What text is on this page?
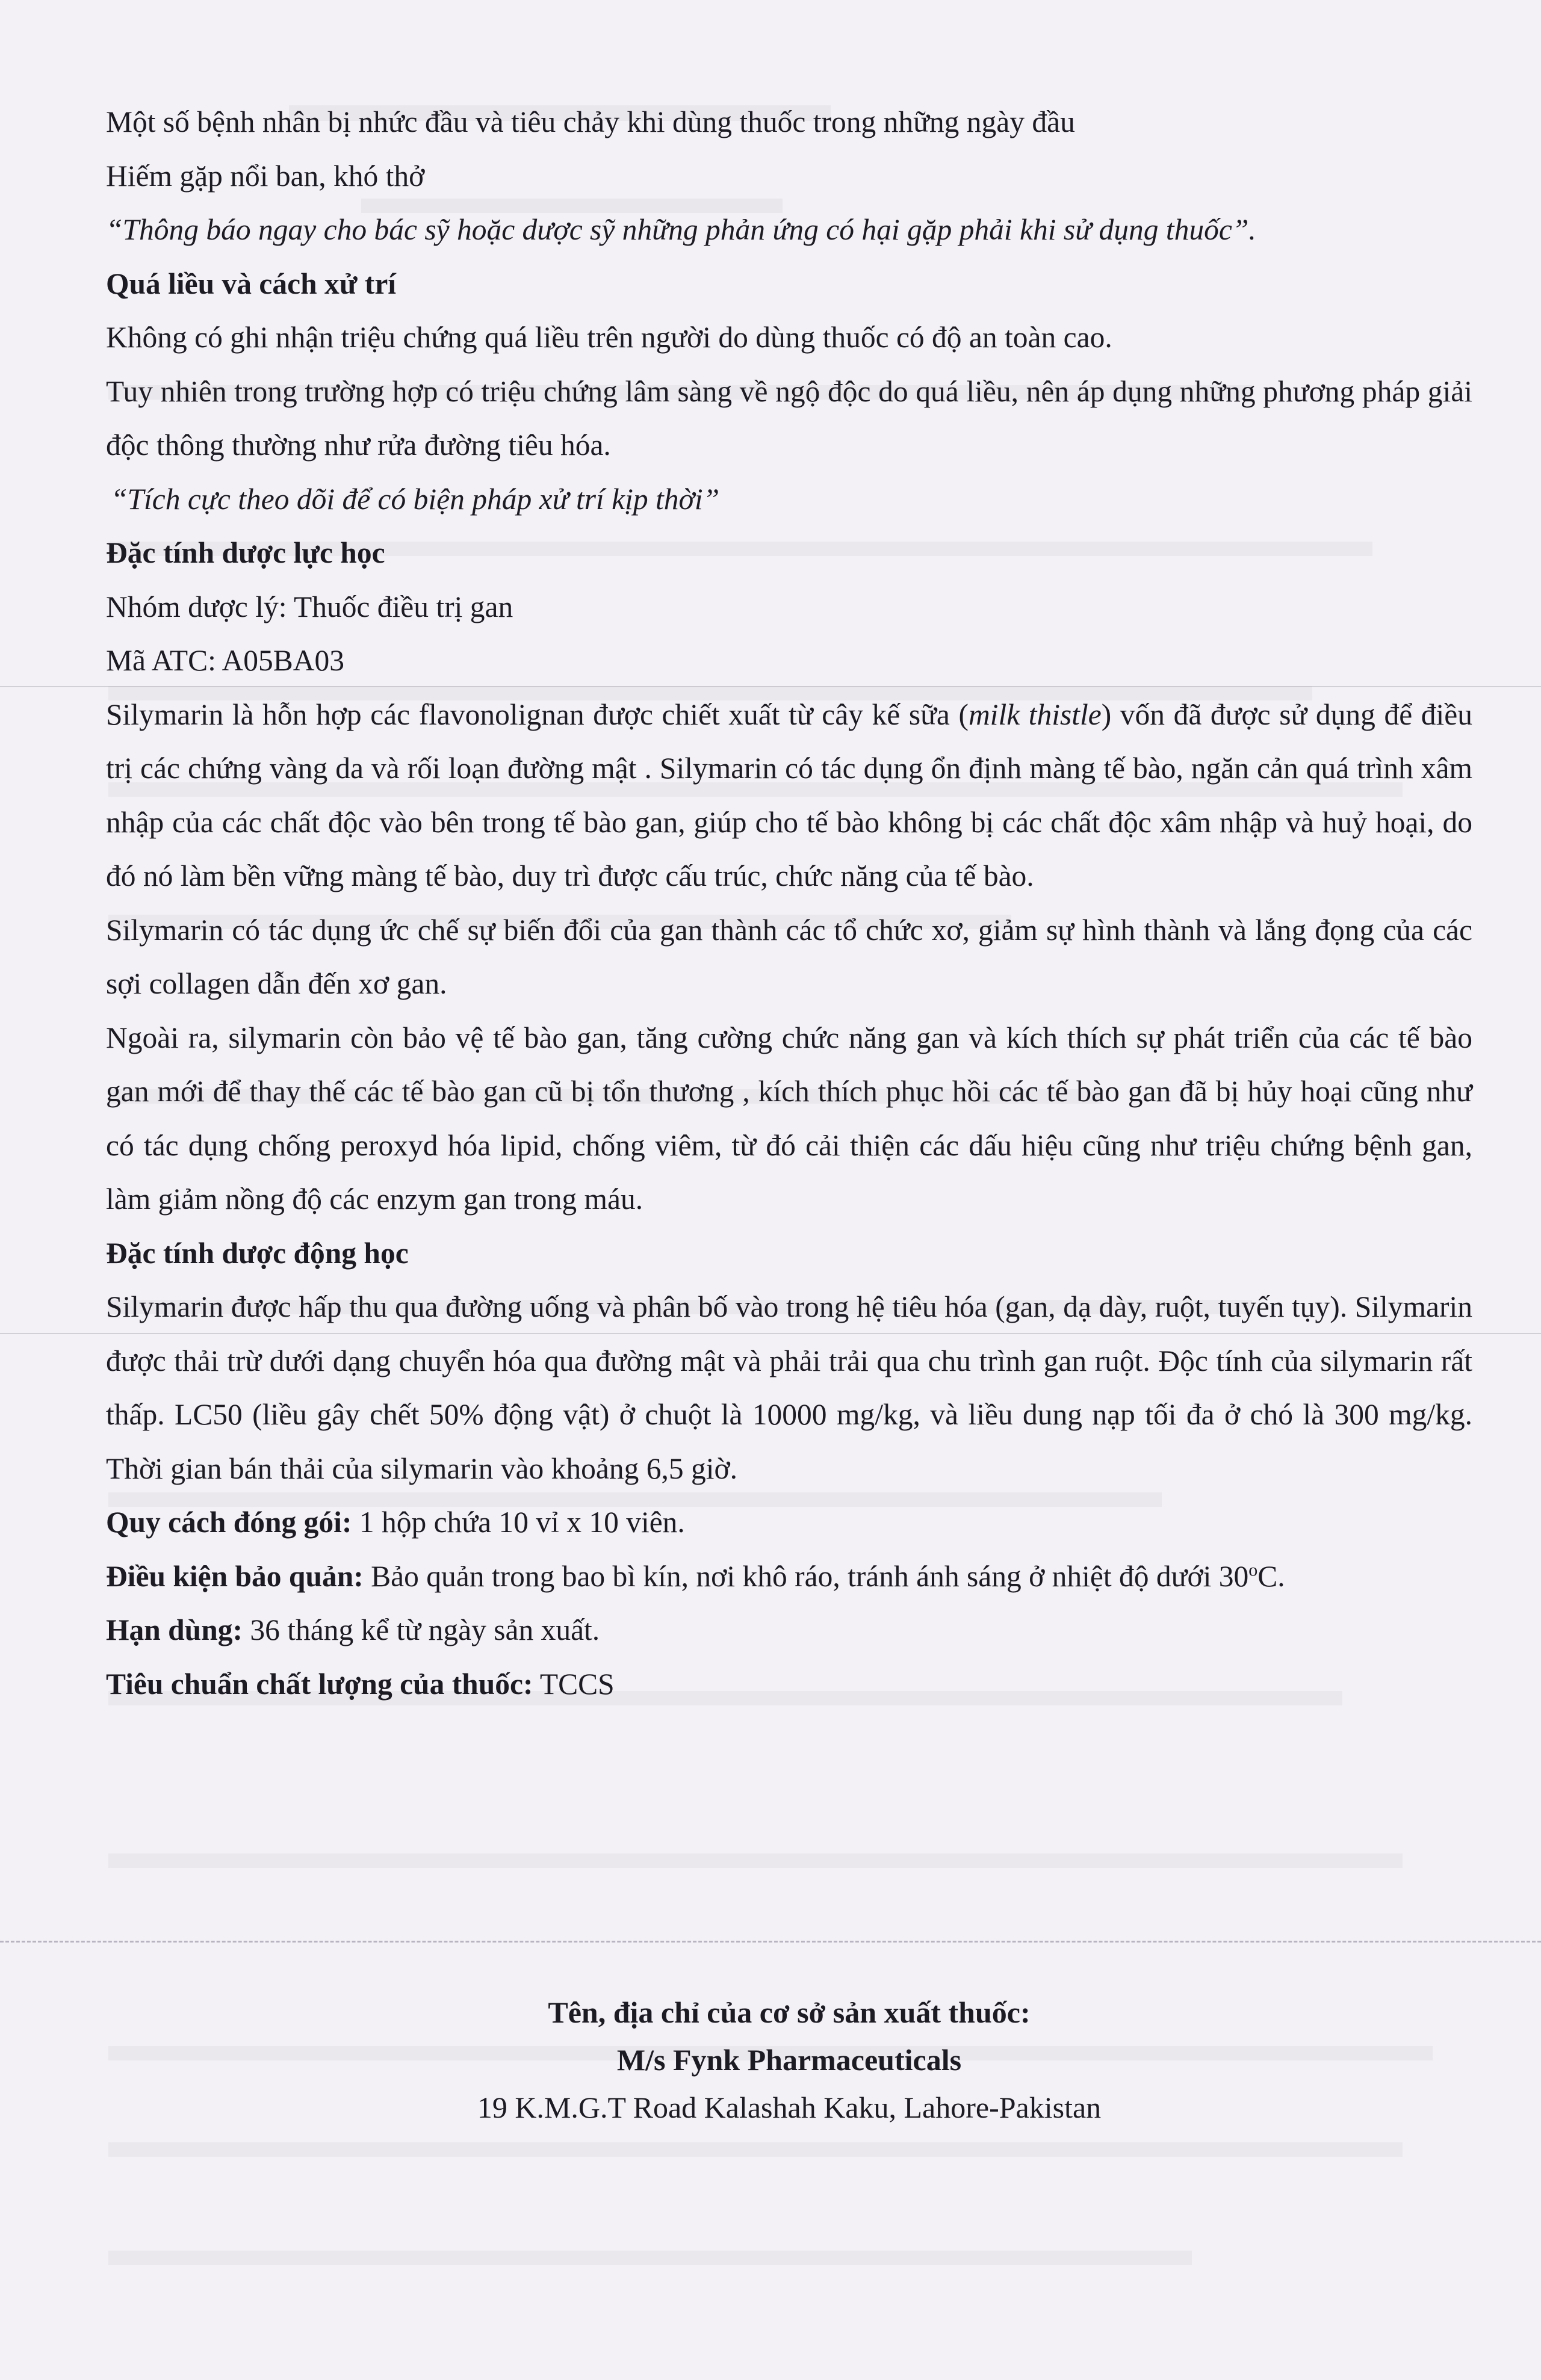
Một số bệnh nhân bị nhức đầu và tiêu chảy khi dùng thuốc trong những ngày đầu

Hiếm gặp nổi ban, khó thở

“Thông báo ngay cho bác sỹ hoặc dược sỹ những phản ứng có hại gặp phải khi sử dụng thuốc”.

Quá liều và cách xử trí

Không có ghi nhận triệu chứng quá liều trên người do dùng thuốc có độ an toàn cao.

Tuy nhiên trong trường hợp có triệu chứng lâm sàng về ngộ độc do quá liều, nên áp dụng những phương pháp giải độc thông thường như rửa đường tiêu hóa.

“Tích cực theo dõi để có biện pháp xử trí kịp thời”

Đặc tính dược lực học

Nhóm dược lý: Thuốc điều trị gan

Mã ATC: A05BA03

Silymarin là hỗn hợp các flavonolignan được chiết xuất từ cây kế sữa (milk thistle) vốn đã được sử dụng để điều trị các chứng vàng da và rối loạn đường mật . Silymarin có tác dụng ổn định màng tế bào, ngăn cản quá trình xâm nhập của các chất độc vào bên trong tế bào gan, giúp cho tế bào không bị các chất độc xâm nhập và huỷ hoại, do đó nó làm bền vững màng tế bào, duy trì được cấu trúc, chức năng của tế bào.

Silymarin có tác dụng ức chế sự biến đổi của gan thành các tổ chức xơ, giảm sự hình thành và lắng đọng của các sợi collagen dẫn đến xơ gan.

Ngoài ra, silymarin còn bảo vệ tế bào gan, tăng cường chức năng gan và kích thích sự phát triển của các tế bào gan mới để thay thế các tế bào gan cũ bị tổn thương , kích thích phục hồi các tế bào gan đã bị hủy hoại cũng như có tác dụng chống peroxyd hóa lipid, chống viêm, từ đó cải thiện các dấu hiệu cũng như triệu chứng bệnh gan, làm giảm nồng độ các enzym gan trong máu.

Đặc tính dược động học

Silymarin được hấp thu qua đường uống và phân bố vào trong hệ tiêu hóa (gan, dạ dày, ruột, tuyến tụy). Silymarin được thải trừ dưới dạng chuyển hóa qua đường mật và phải trải qua chu trình gan ruột. Độc tính của silymarin rất thấp. LC50 (liều gây chết 50% động vật) ở chuột là 10000 mg/kg, và liều dung nạp tối đa ở chó là 300 mg/kg. Thời gian bán thải của silymarin vào khoảng 6,5 giờ.

Quy cách đóng gói: 1 hộp chứa 10 vỉ x 10 viên.

Điều kiện bảo quản: Bảo quản trong bao bì kín, nơi khô ráo, tránh ánh sáng ở nhiệt độ dưới 30$^o$C.

Hạn dùng: 36 tháng kể từ ngày sản xuất.

Tiêu chuẩn chất lượng của thuốc: TCCS

Tên, địa chỉ của cơ sở sản xuất thuốc:

M/s Fynk Pharmaceuticals

19 K.M.G.T Road Kalashah Kaku, Lahore-Pakistan
